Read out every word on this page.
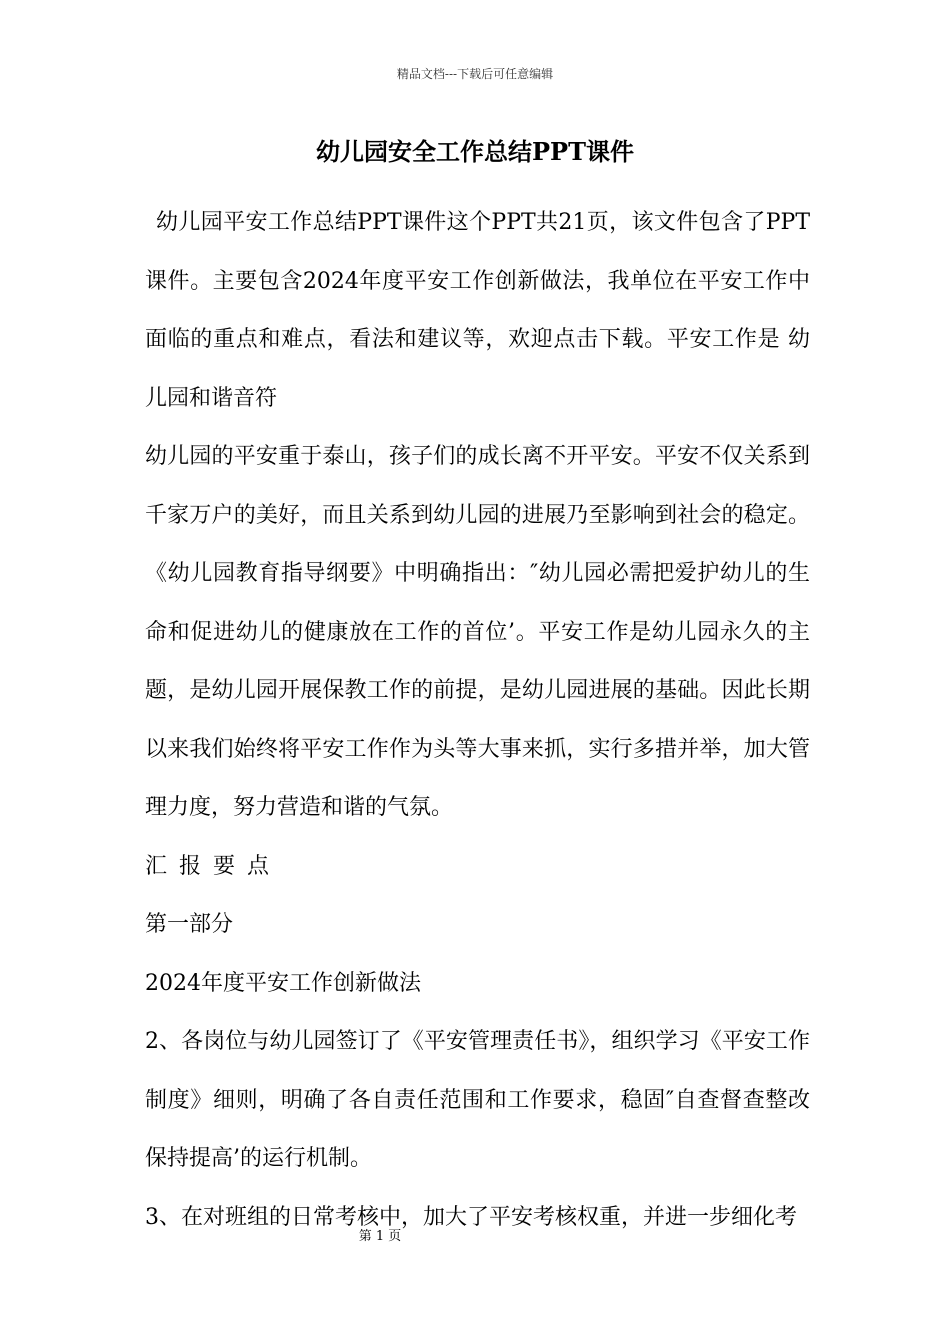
精品文档---下载后可任意编辑
幼儿园安全工作总结PPT课件

幼儿园平安工作总结PPT课件这个PPT共21页，该文件包含了PPT课件。主要包含2024年度平安工作创新做法，我单位在平安工作中面临的重点和难点，看法和建议等，欢迎点击下载。平安工作是 幼儿园和谐音符

幼儿园的平安重于泰山，孩子们的成长离不开平安。平安不仅关系到千家万户的美好，而且关系到幼儿园的进展乃至影响到社会的稳定。 《幼儿园教育指导纲要》中明确指出：″幼儿园必需把爱护幼儿的生命和促进幼儿的健康放在工作的首位’。平安工作是幼儿园永久的主题，是幼儿园开展保教工作的前提，是幼儿园进展的基础。因此长期以来我们始终将平安工作作为头等大事来抓，实行多措并举，加大管理力度，努力营造和谐的气氛。

汇报要点

第一部分

2024年度平安工作创新做法

2、各岗位与幼儿园签订了《平安管理责任书》，组织学习《平安工作制度》细则，明确了各自责任范围和工作要求，稳固″自查督查整改保持提高’的运行机制。

3、在对班组的日常考核中，加大了平安考核权重，并进一步细化考

第 1 页
